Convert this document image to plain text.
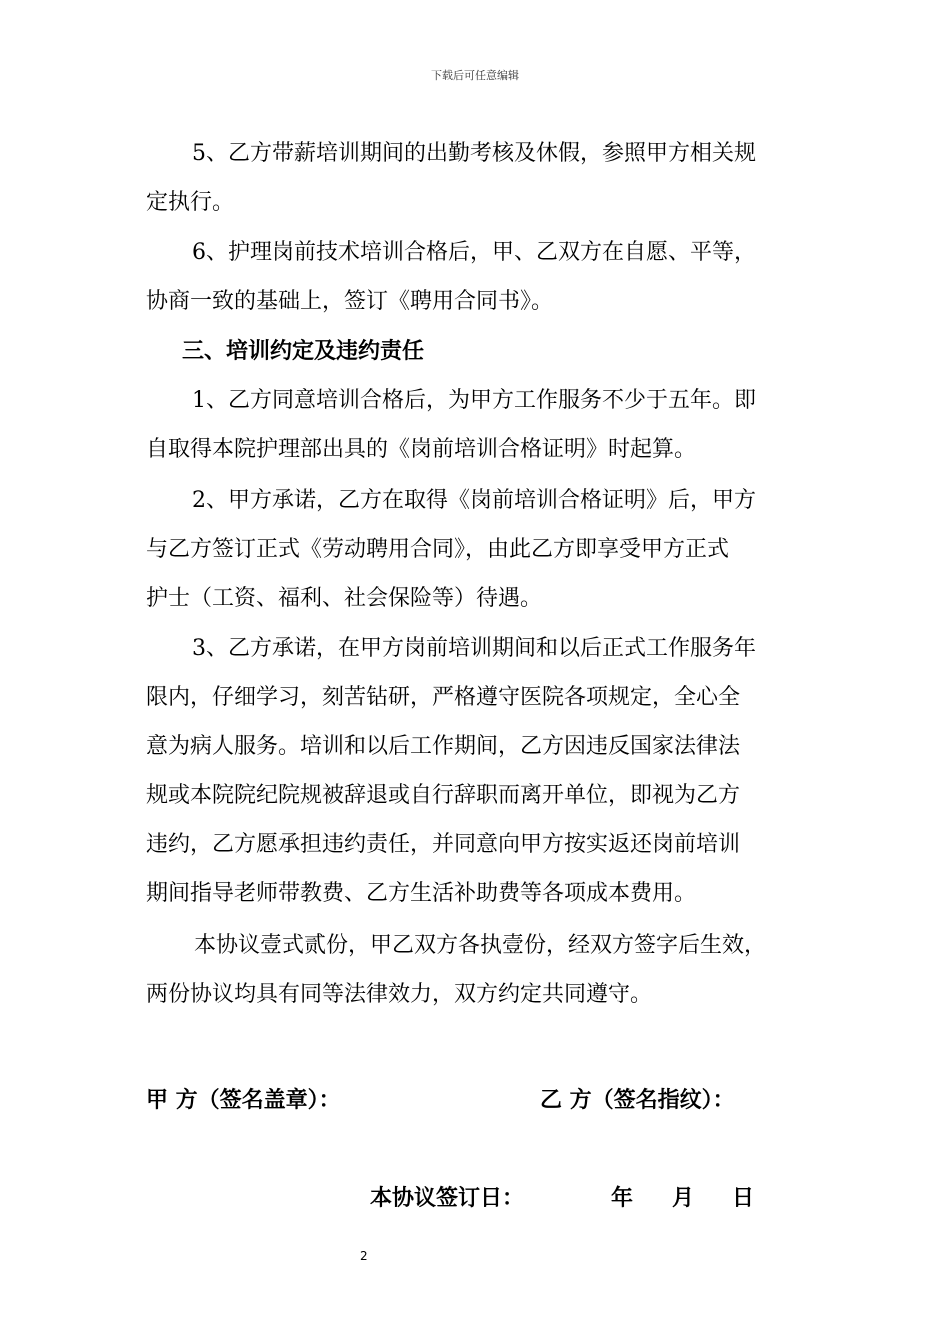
下载后可任意编辑
5、乙方带薪培训期间的出勤考核及休假，参照甲方相关规
定执行。
6、护理岗前技术培训合格后，甲、乙双方在自愿、平等，
协商一致的基础上，签订《聘用合同书》。
三、培训约定及违约责任
1、乙方同意培训合格后，为甲方工作服务不少于五年。即
自取得本院护理部出具的《岗前培训合格证明》时起算。
2、甲方承诺，乙方在取得《岗前培训合格证明》后，甲方
与乙方签订正式《劳动聘用合同》，由此乙方即享受甲方正式
护士（工资、福利、社会保险等）待遇。
3、乙方承诺，在甲方岗前培训期间和以后正式工作服务年
限内，仔细学习，刻苦钻研，严格遵守医院各项规定，全心全
意为病人服务。培训和以后工作期间，乙方因违反国家法律法
规或本院院纪院规被辞退或自行辞职而离开单位，即视为乙方
违约，乙方愿承担违约责任，并同意向甲方按实返还岗前培训
期间指导老师带教费、乙方生活补助费等各项成本费用。
本协议壹式贰份，甲乙双方各执壹份，经双方签字后生效，
两份协议均具有同等法律效力，双方约定共同遵守。
甲 方（签名盖章）：	乙 方（签名指纹）：
本协议签订日：	年 月 日
2
